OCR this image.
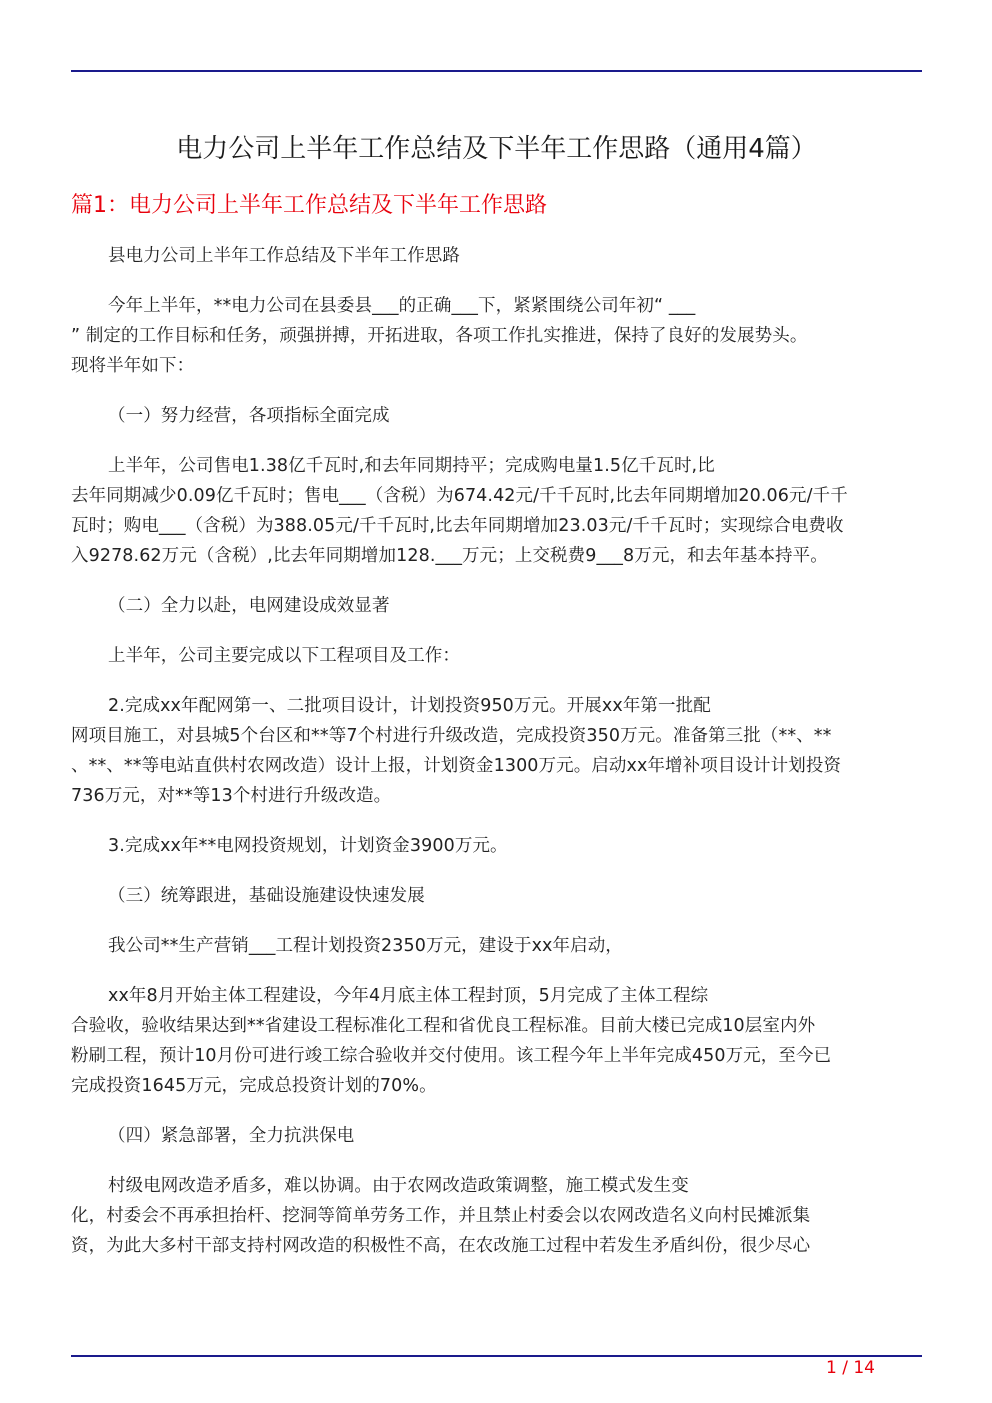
电力公司上半年工作总结及下半年工作思路（通用4篇）
篇1：电力公司上半年工作总结及下半年工作思路

县电力公司上半年工作总结及下半年工作思路

今年上半年，**电力公司在县委县___的正确___下，紧紧围绕公司年初“ ___
” 制定的工作目标和任务，顽强拼搏，开拓进取，各项工作扎实推进，保持了良好的发展势头。
现将半年如下：

（一）努力经营，各项指标全面完成

上半年，公司售电1.38亿千瓦时,和去年同期持平；完成购电量1.5亿千瓦时,比
去年同期减少0.09亿千瓦时；售电___（含税）为674.42元/千千瓦时,比去年同期增加20.06元/千千
瓦时；购电___（含税）为388.05元/千千瓦时,比去年同期增加23.03元/千千瓦时；实现综合电费收
入9278.62万元（含税）,比去年同期增加128.___万元；上交税费9___8万元，和去年基本持平。

（二）全力以赴，电网建设成效显著

上半年，公司主要完成以下工程项目及工作：

2.完成xx年配网第一、二批项目设计，计划投资950万元。开展xx年第一批配
网项目施工，对县城5个台区和**等7个村进行升级改造，完成投资350万元。准备第三批（**、**
、**、**等电站直供村农网改造）设计上报，计划资金1300万元。启动xx年增补项目设计计划投资
736万元，对**等13个村进行升级改造。

3.完成xx年**电网投资规划，计划资金3900万元。

（三）统筹跟进，基础设施建设快速发展

我公司**生产营销___工程计划投资2350万元，建设于xx年启动，

xx年8月开始主体工程建设，今年4月底主体工程封顶，5月完成了主体工程综
合验收，验收结果达到**省建设工程标准化工程和省优良工程标准。目前大楼已完成10层室内外
粉刷工程，预计10月份可进行竣工综合验收并交付使用。该工程今年上半年完成450万元，至今已
完成投资1645万元，完成总投资计划的70%。

（四）紧急部署，全力抗洪保电

村级电网改造矛盾多，难以协调。由于农网改造政策调整，施工模式发生变
化，村委会不再承担抬杆、挖洞等简单劳务工作，并且禁止村委会以农网改造名义向村民摊派集
资，为此大多村干部支持村网改造的积极性不高，在农改施工过程中若发生矛盾纠份，很少尽心

1 / 14
